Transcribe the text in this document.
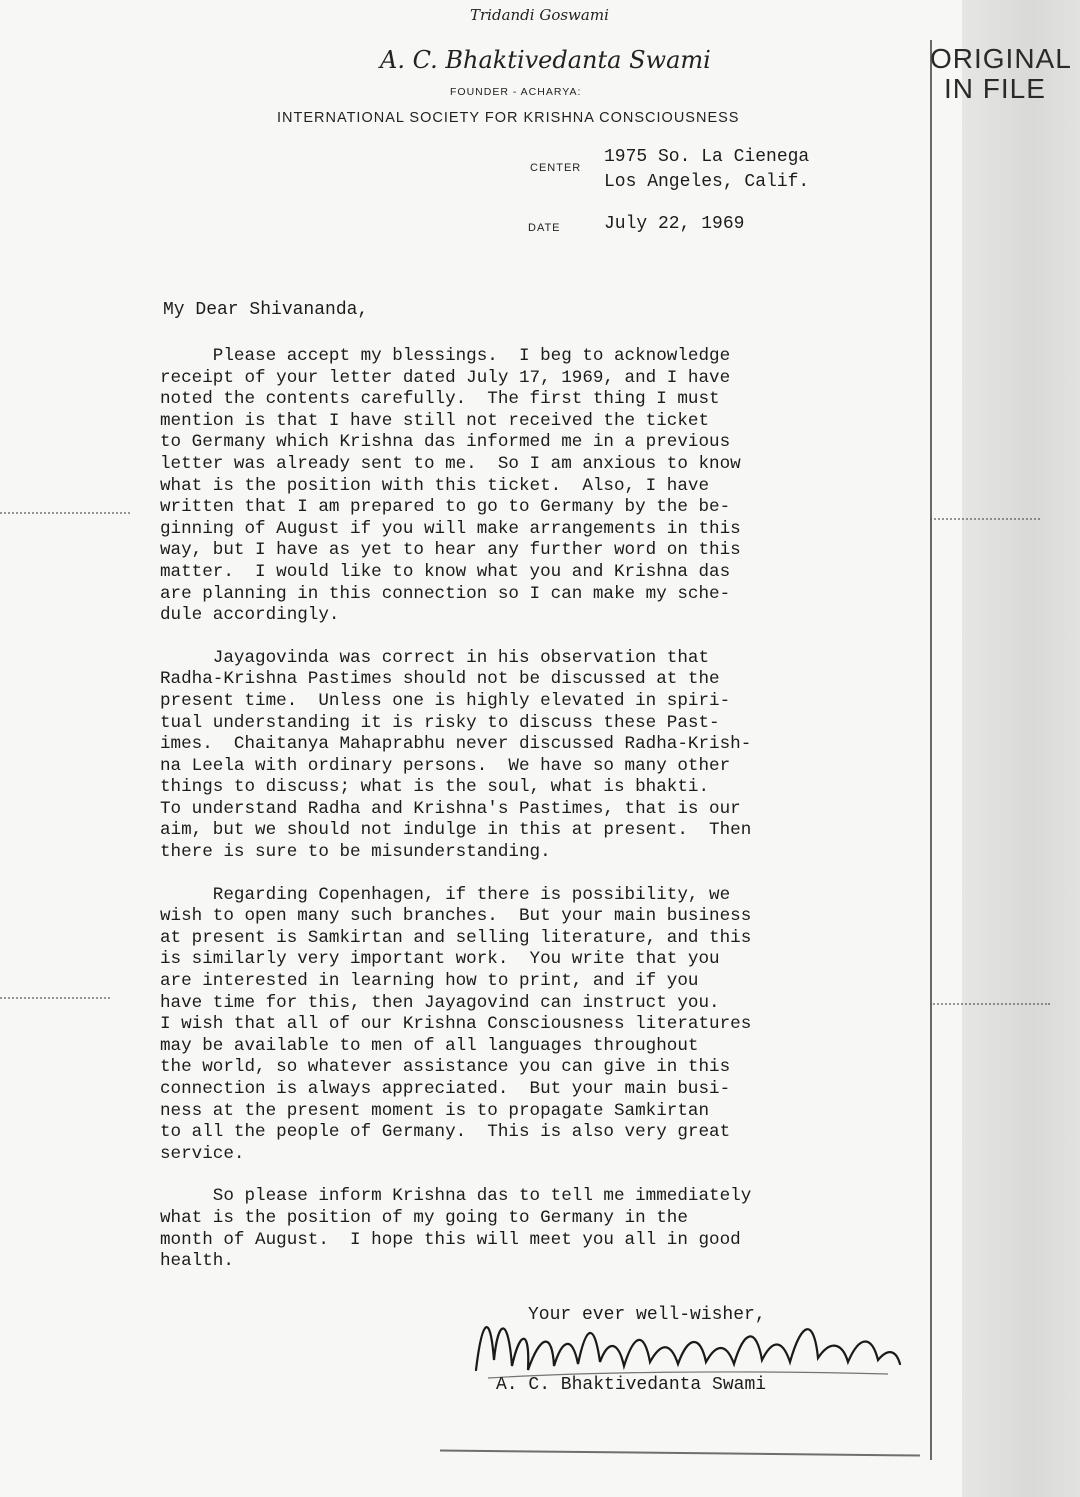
ORIGINAL
IN FILE
Tridandi Goswami
A. C. Bhaktivedanta Swami
FOUNDER - ACHARYA:
INTERNATIONAL SOCIETY FOR KRISHNA CONSCIOUSNESS
CENTER
1975 So. La Cienega
Los Angeles, Calif.
DATE July 22, 1969
My Dear Shivananda,

Please accept my blessings.  I beg to acknowledge
receipt of your letter dated July 17, 1969, and I have
noted the contents carefully.  The first thing I must
mention is that I have still not received the ticket
to Germany which Krishna das informed me in a previous
letter was already sent to me.  So I am anxious to know
what is the position with this ticket.  Also, I have
written that I am prepared to go to Germany by the be-
ginning of August if you will make arrangements in this
way, but I have as yet to hear any further word on this
matter.  I would like to know what you and Krishna das
are planning in this connection so I can make my sche-
dule accordingly.

Jayagovinda was correct in his observation that
Radha-Krishna Pastimes should not be discussed at the
present time.  Unless one is highly elevated in spiri-
tual understanding it is risky to discuss these Past-
imes.  Chaitanya Mahaprabhu never discussed Radha-Krish-
na Leela with ordinary persons.  We have so many other
things to discuss; what is the soul, what is bhakti.
To understand Radha and Krishna's Pastimes, that is our
aim, but we should not indulge in this at present.  Then
there is sure to be misunderstanding.

Regarding Copenhagen, if there is possibility, we
wish to open many such branches.  But your main business
at present is Samkirtan and selling literature, and this
is similarly very important work.  You write that you
are interested in learning how to print, and if you
have time for this, then Jayagovind can instruct you.
I wish that all of our Krishna Consciousness literatures
may be available to men of all languages throughout
the world, so whatever assistance you can give in this
connection is always appreciated.  But your main busi-
ness at the present moment is to propagate Samkirtan
to all the people of Germany.  This is also very great
service.

So please inform Krishna das to tell me immediately
what is the position of my going to Germany in the
month of August.  I hope this will meet you all in good
health.

Your ever well-wisher,
A. C. Bhaktivedanta Swami
